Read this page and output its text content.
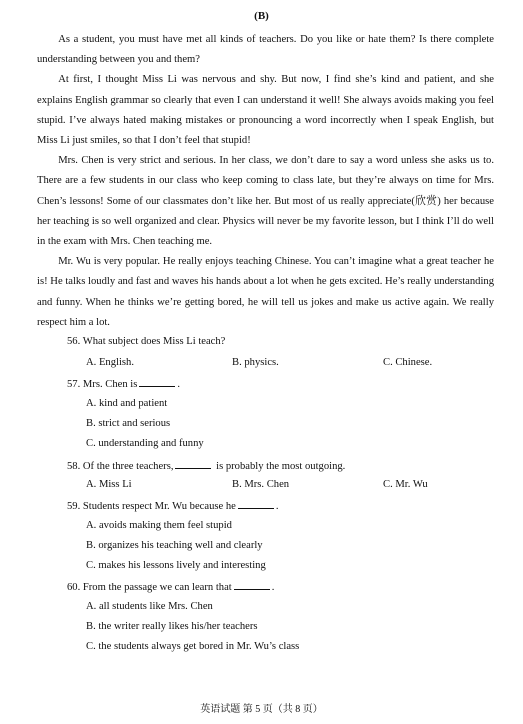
(B)

As a student, you must have met all kinds of teachers. Do you like or hate them? Is there complete understanding between you and them?

At first, I thought Miss Li was nervous and shy. But now, I find she’s kind and patient, and she explains English grammar so clearly that even I can understand it well! She always avoids making you feel stupid. I’ve always hated making mistakes or pronouncing a word incorrectly when I speak English, but Miss Li just smiles, so that I don’t feel that stupid!

Mrs. Chen is very strict and serious. In her class, we don’t dare to say a word unless she asks us to. There are a few students in our class who keep coming to class late, but they’re always on time for Mrs. Chen’s lessons! Some of our classmates don’t like her. But most of us really appreciate(欣赏) her because her teaching is so well organized and clear. Physics will never be my favorite lesson, but I think I’ll do well in the exam with Mrs. Chen teaching me.

Mr. Wu is very popular. He really enjoys teaching Chinese. You can’t imagine what a great teacher he is! He talks loudly and fast and waves his hands about a lot when he gets excited. He’s really understanding and funny. When he thinks we’re getting bored, he will tell us jokes and make us active again. We really respect him a lot.

56. What subject does Miss Li teach?
A. English.	B. physics.	C. Chinese.
57. Mrs. Chen is	.
A. kind and patient
B. strict and serious
C. understanding and funny
58. Of the three teachers,	is probably the most outgoing.
A. Miss Li	B. Mrs. Chen	C. Mr. Wu
59. Students respect Mr. Wu because he	.
A. avoids making them feel stupid
B. organizes his teaching well and clearly
C. makes his lessons lively and interesting
60. From the passage we can learn that	.
A. all students like Mrs. Chen
B. the writer really likes his/her teachers
C. the students always get bored in Mr. Wu’s class
英语试题 第 5 页（共 8 页）
